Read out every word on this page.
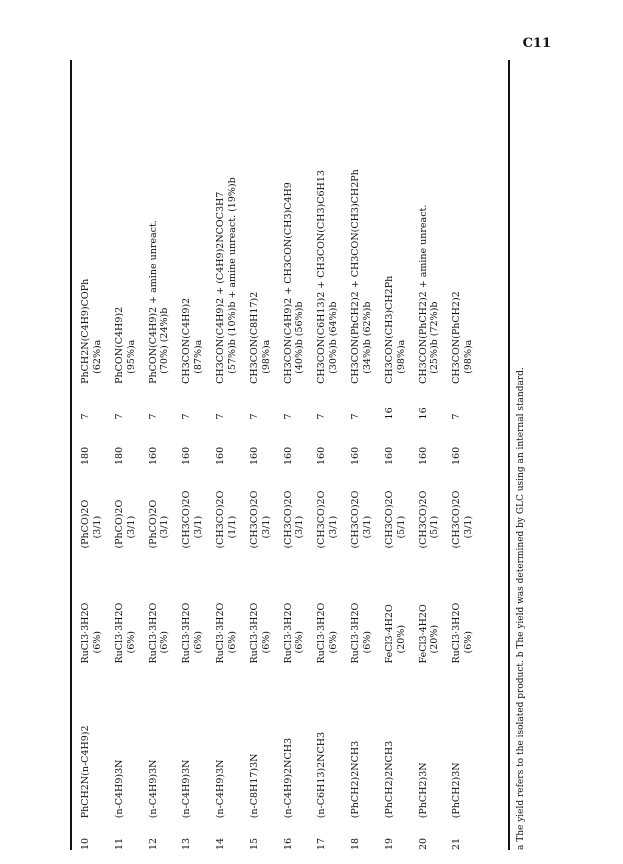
C11
10	PhCH2N(n-C4H9)2	RuCl3·3H2O (6%)	(PhCO)2O (3/1)	180	7	PhCH2N(C4H9)COPh (62%)a

11	(n-C4H9)3N	RuCl3·3H2O (6%)	(PhCO)2O (3/1)	180	7	PhCON(C4H9)2 (95%)a

12	(n-C4H9)3N	RuCl3·3H2O (6%)	(PhCO)2O (3/1)	160	7	PhCON(C4H9)2 + amine unreact. (70%) (24%)b

13	(n-C4H9)3N	RuCl3·3H2O (6%)	(CH3CO)2O (3/1)	160	7	CH3CON(C4H9)2 (87%)a

14	(n-C4H9)3N	RuCl3·3H2O (6%)	(CH3CO)2O (1/1)	160	7	CH3CON(C4H9)2 + (C4H9)2NCOC3H7 (57%)b (10%)b + amine unreact. (19%)b

15	(n-C8H17)3N	RuCl3·3H2O (6%)	(CH3CO)2O (3/1)	160	7	CH3CON(C8H17)2 (98%)a

16	(n-C4H9)2NCH3	RuCl3·3H2O (6%)	(CH3CO)2O (3/1)	160	7	CH3CON(C4H9)2 + CH3CON(CH3)C4H9 (40%)b (56%)b

17	(n-C6H13)2NCH3	RuCl3·3H2O (6%)	(CH3CO)2O (3/1)	160	7	CH3CON(C6H13)2 + CH3CON(CH3)C6H13 (30%)b (64%)b

18	(PhCH2)2NCH3	RuCl3·3H2O (6%)	(CH3CO)2O (3/1)	160	7	CH3CON(PhCH2)2 + CH3CON(CH3)CH2Ph (34%)b (62%)b

19	(PhCH2)2NCH3	FeCl3·4H2O (20%)	(CH3CO)2O (5/1)	160	16	CH3CON(CH3)CH2Ph (98%)a

20	(PhCH2)3N	FeCl3·4H2O (20%)	(CH3CO)2O (5/1)	160	16	CH3CON(PhCH2)2 + amine unreact. (25%)b (72%)b

21	(PhCH2)3N	RuCl3·3H2O (6%)	(CH3CO)2O (3/1)	160	7	CH3CON(PhCH2)2 (98%)a
a The yield refers to the isolated product. b The yield was determined by GLC using an internal standard.
